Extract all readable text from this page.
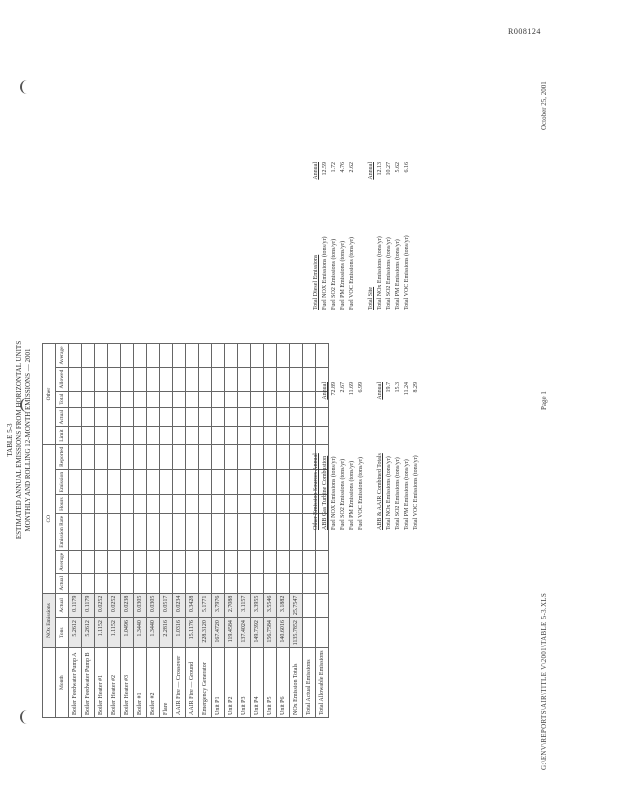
R008124
TABLE 5-3 ESTIMATED ANNUAL EMISSIONS FROM HORIZONTAL UNITS MONTHLY AND ROLLING 12-MONTH EMISSIONS — 2001
	NOx Emissions		CO						Other				
Month	Tons	Actual	Actual	Average	Emission Rate	Hours	Emission	Reported	Limit	Actual	Total	Allowed	Average
Boiler Feedwater Pump A	5.2612	0.1179											
Boiler Feedwater Pump B	5.2612	0.1179											
Boiler Heater #1	1.1152	0.0252											
Boiler Heater #2	1.1152	0.0252											
Boiler Heater #3	1.0496	0.0238											
Boiler #1	1.3440	0.0305											
Boiler #2	1.3440	0.0305											
Flare	2.2816	0.0517											
AAIR Fire — Crossover	1.0316	0.0234											
AAIR Fire — Ground	15.1176	0.3428											
Emergency Generator	228.3120	5.1771											
Unit P1	167.4720	3.7976											
Unit P2	119.4584	2.7088											
Unit P3	137.4024	3.1157											
Unit P4	149.7392	3.3955											
Unit P5	156.7584	3.5546											
Unit P6	140.6016	3.1882											
NOx Emission Totals	1135.7852	25.7547											
Total Actual Emissions													
Total Allowable Emissions													
Other Emission Sources Annual ABB Gas Turbine Combustion
Annual
Fuel NOX Emissions (tons/yr)
72.89
Fuel SO2 Emissions (tons/yr)
2.67
Fuel PM Emissions (tons/yr)
11.69
Fuel VOC Emissions (tons/yr)
6.99
ABB & AAIR Combined Totals
Annual
Total NOx Emissions (tons/yr)
19.7
Total SO2 Emissions (tons/yr)
15.3
Total PM Emissions (tons/yr)
11.24
Total VOC Emissions (tons/yr)
8.29
Total Diesel Emissions
Annual
Fuel NOX Emissions (tons/yr)
12.59
Fuel SO2 Emissions (tons/yr)
1.72
Fuel PM Emissions (tons/yr)
4.76
Fuel VOC Emissions (tons/yr)
2.62
Total Site
Annual
Total NOx Emissions (tons/yr)
12.13
Total SO2 Emissions (tons/yr)
10.27
Total PM Emissions (tons/yr)
5.62
Total VOC Emissions (tons/yr)
6.16
G:\ENV\REPORTS\AIR\TITLE V\2001\TABLE 5-3.XLS
Page 1
October 25, 2001
